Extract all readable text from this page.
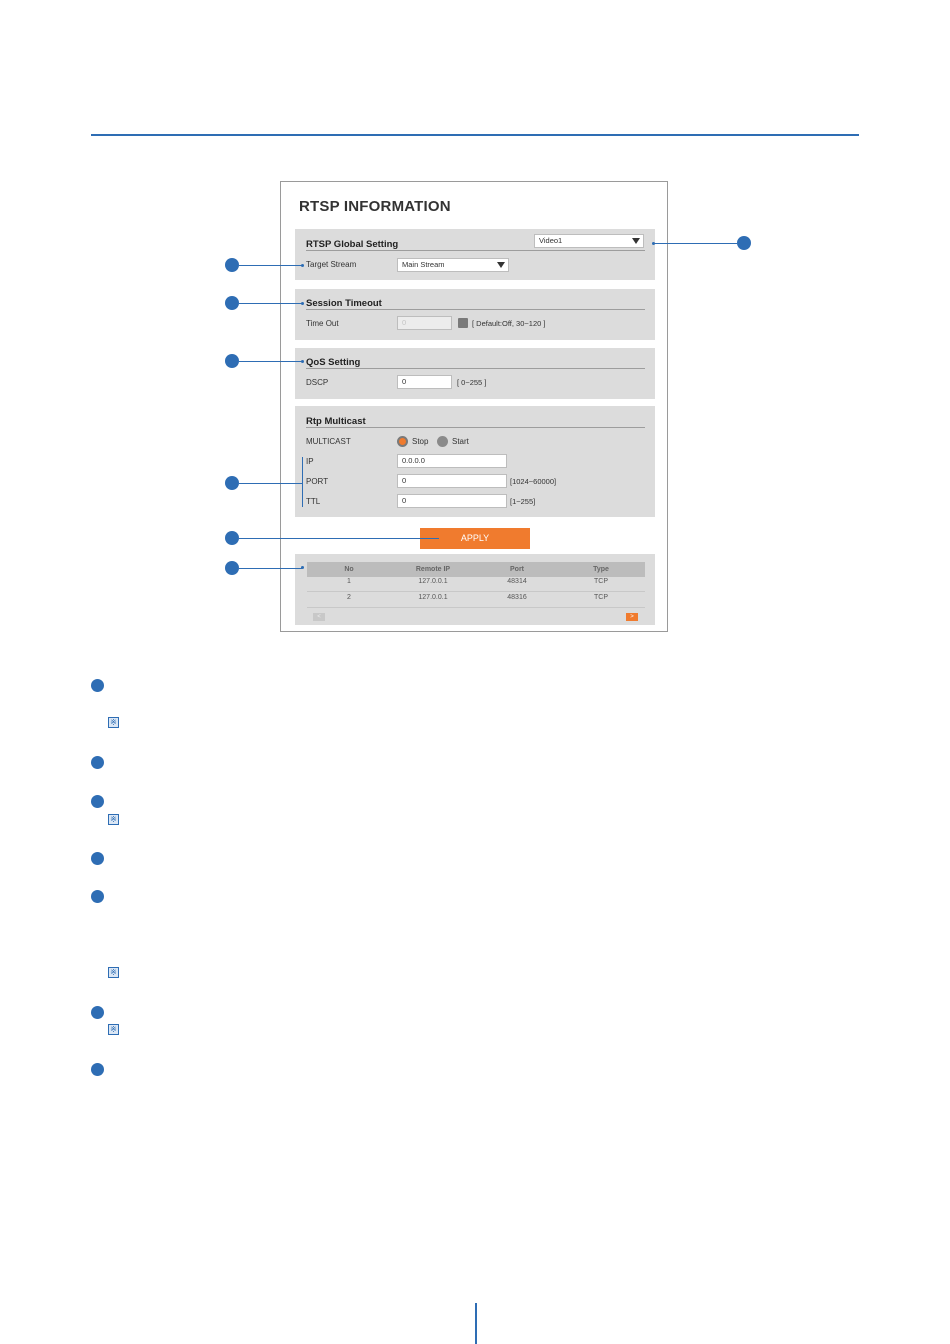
RTSP INFORMATION
RTSP Global Setting
Target Stream	Main Stream
Video1
Session Timeout
Time Out	0	[ Default:Off, 30~120 ]
QoS Setting
DSCP	0	[ 0~255 ]
Rtp Multicast
MULTICAST	Stop	Start
IP	0.0.0.0
PORT	0	[1024~60000]
TTL	0	[1~255]
APPLY
No	Remote IP	Port	Type
1	127.0.0.1	48314	TCP
2	127.0.0.1	48316	TCP
<	>
※
※
※
※
